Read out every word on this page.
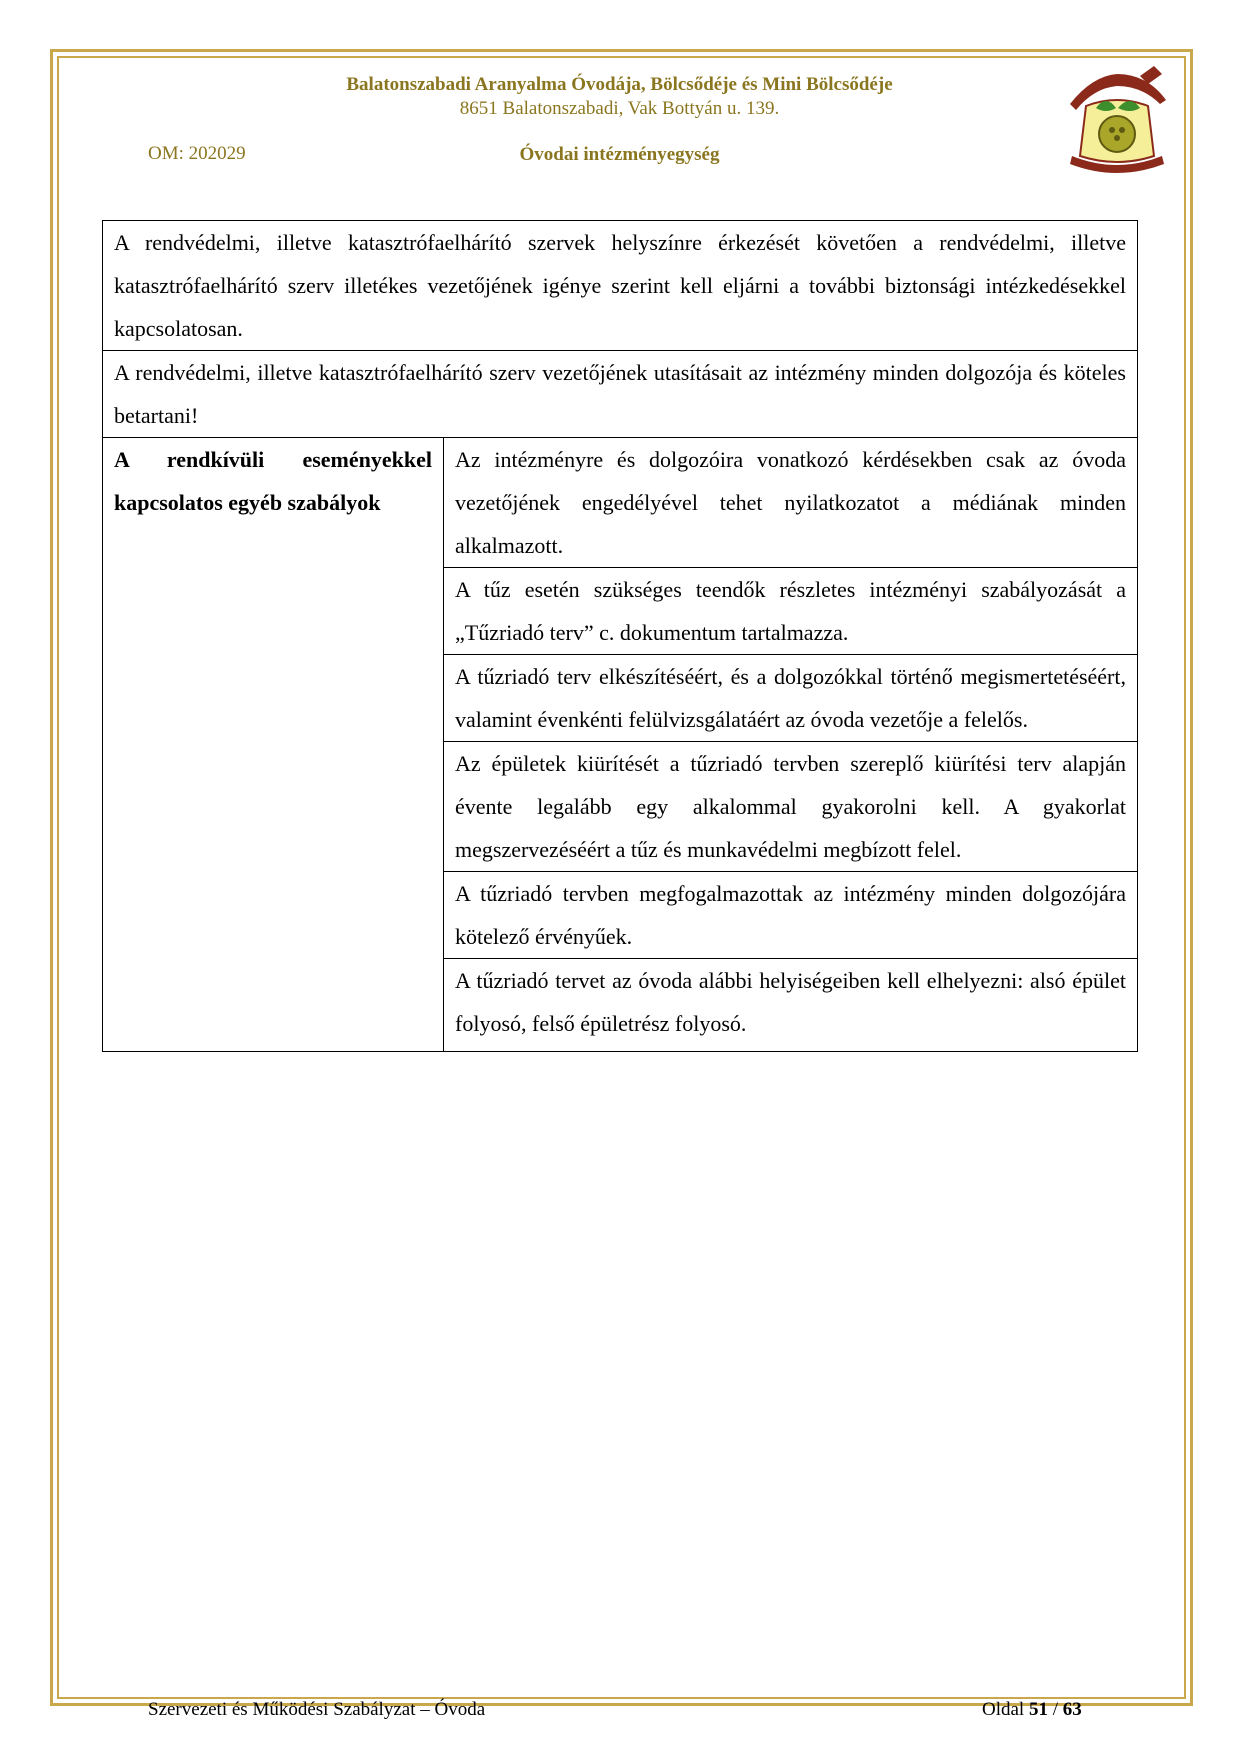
Balatonszabadi Aranyalma Óvodája, Bölcsődéje és Mini Bölcsődéje
8651 Balatonszabadi, Vak Bottyán u. 139.
OM: 202029	Óvodai intézményegység
A rendvédelmi, illetve katasztrófaelhárító szervek helyszínre érkezését követően a rendvédelmi, illetve katasztrófaelhárító szerv illetékes vezetőjének igénye szerint kell eljárni a további biztonsági intézkedésekkel kapcsolatosan.
A rendvédelmi, illetve katasztrófaelhárító szerv vezetőjének utasításait az intézmény minden dolgozója és köteles betartani!
A rendkívüli eseményekkel kapcsolatos egyéb szabályok	Az intézményre és dolgozóira vonatkozó kérdésekben csak az óvoda vezetőjének engedélyével tehet nyilatkozatot a médiának minden alkalmazott.
A tűz esetén szükséges teendők részletes intézményi szabályozását a „Tűzriadó terv” c. dokumentum tartalmazza.
A tűzriadó terv elkészítéséért, és a dolgozókkal történő megismertetéséért, valamint évenkénti felülvizsgálatáért az óvoda vezetője a felelős.
Az épületek kiürítését a tűzriadó tervben szereplő kiürítési terv alapján évente legalább egy alkalommal gyakorolni kell. A gyakorlat megszervezéséért a tűz és munkavédelmi megbízott felel.
A tűzriadó tervben megfogalmazottak az intézmény minden dolgozójára kötelező érvényűek.
A tűzriadó tervet az óvoda alábbi helyiségeiben kell elhelyezni: alsó épület folyosó, felső épületrész folyosó.
Szervezeti és Működési Szabályzat – Óvoda	Oldal 51 / 63
